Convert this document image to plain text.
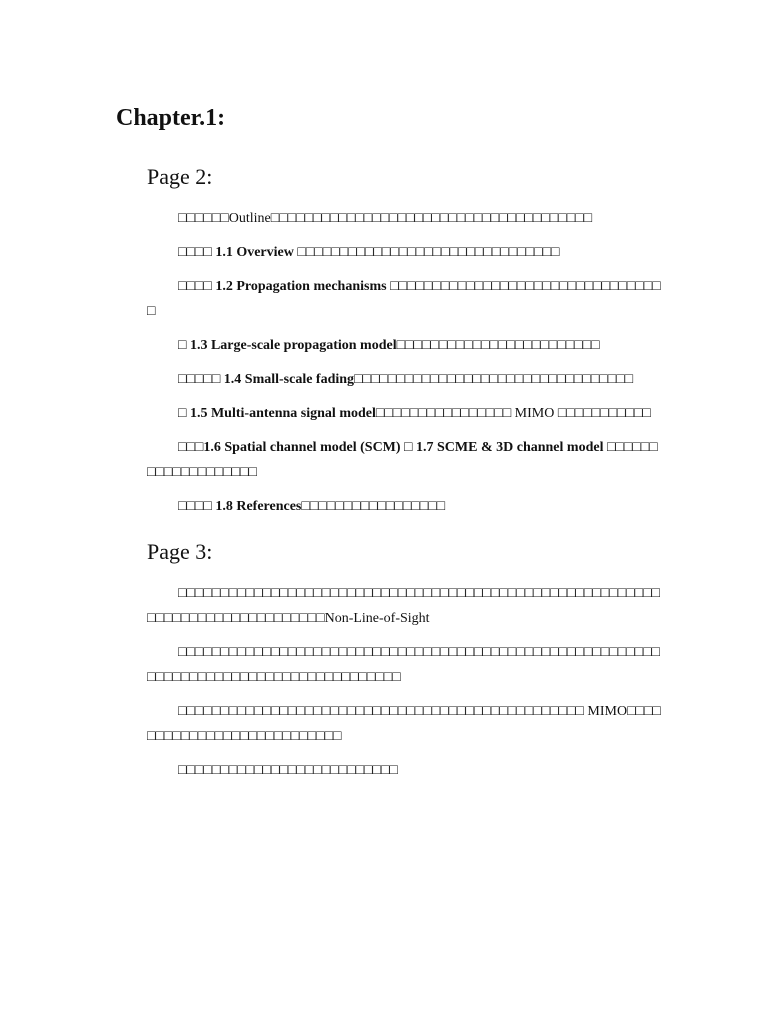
Chapter.1:
Page 2:

□□□□□□Outline□□□□□□□□□□□□□□□□□□□□□□□□□□□□□□□□□□□□□□

□□□□ 1.1 Overview □□□□□□□□□□□□□□□□□□□□□□□□□□□□□□□

□□□□ 1.2 Propagation mechanisms □□□□□□□□□□□□□□□□□□□□□□□□□□□□□□□□□

□ 1.3 Large-scale propagation model□□□□□□□□□□□□□□□□□□□□□□□□

□□□□□ 1.4 Small-scale fading□□□□□□□□□□□□□□□□□□□□□□□□□□□□□□□□□

□ 1.5 Multi-antenna signal model□□□□□□□□□□□□□□□□ MIMO □□□□□□□□□□□

□□□1.6 Spatial channel model (SCM) □ 1.7 SCME & 3D channel model □□□□□□□□□□□□□□□□□□□

□□□□ 1.8 References□□□□□□□□□□□□□□□□□

Page 3:

□□□□□□□□□□□□□□□□□□□□□□□□□□□□□□□□□□□□□□□□□□□□□□□□□□□□□□□□□□□□□□□□□□□□□□□□□□□□□□Non-Line-of-Sight

□□□□□□□□□□□□□□□□□□□□□□□□□□□□□□□□□□□□□□□□□□□□□□□□□□□□□□□□□□□□□□□□□□□□□□□□□□□□□□□□□□□□□□□

□□□□□□□□□□□□□□□□□□□□□□□□□□□□□□□□□□□□□□□□□□□□□□□□ MIMO□□□□□□□□□□□□□□□□□□□□□□□□□□□

□□□□□□□□□□□□□□□□□□□□□□□□□□
